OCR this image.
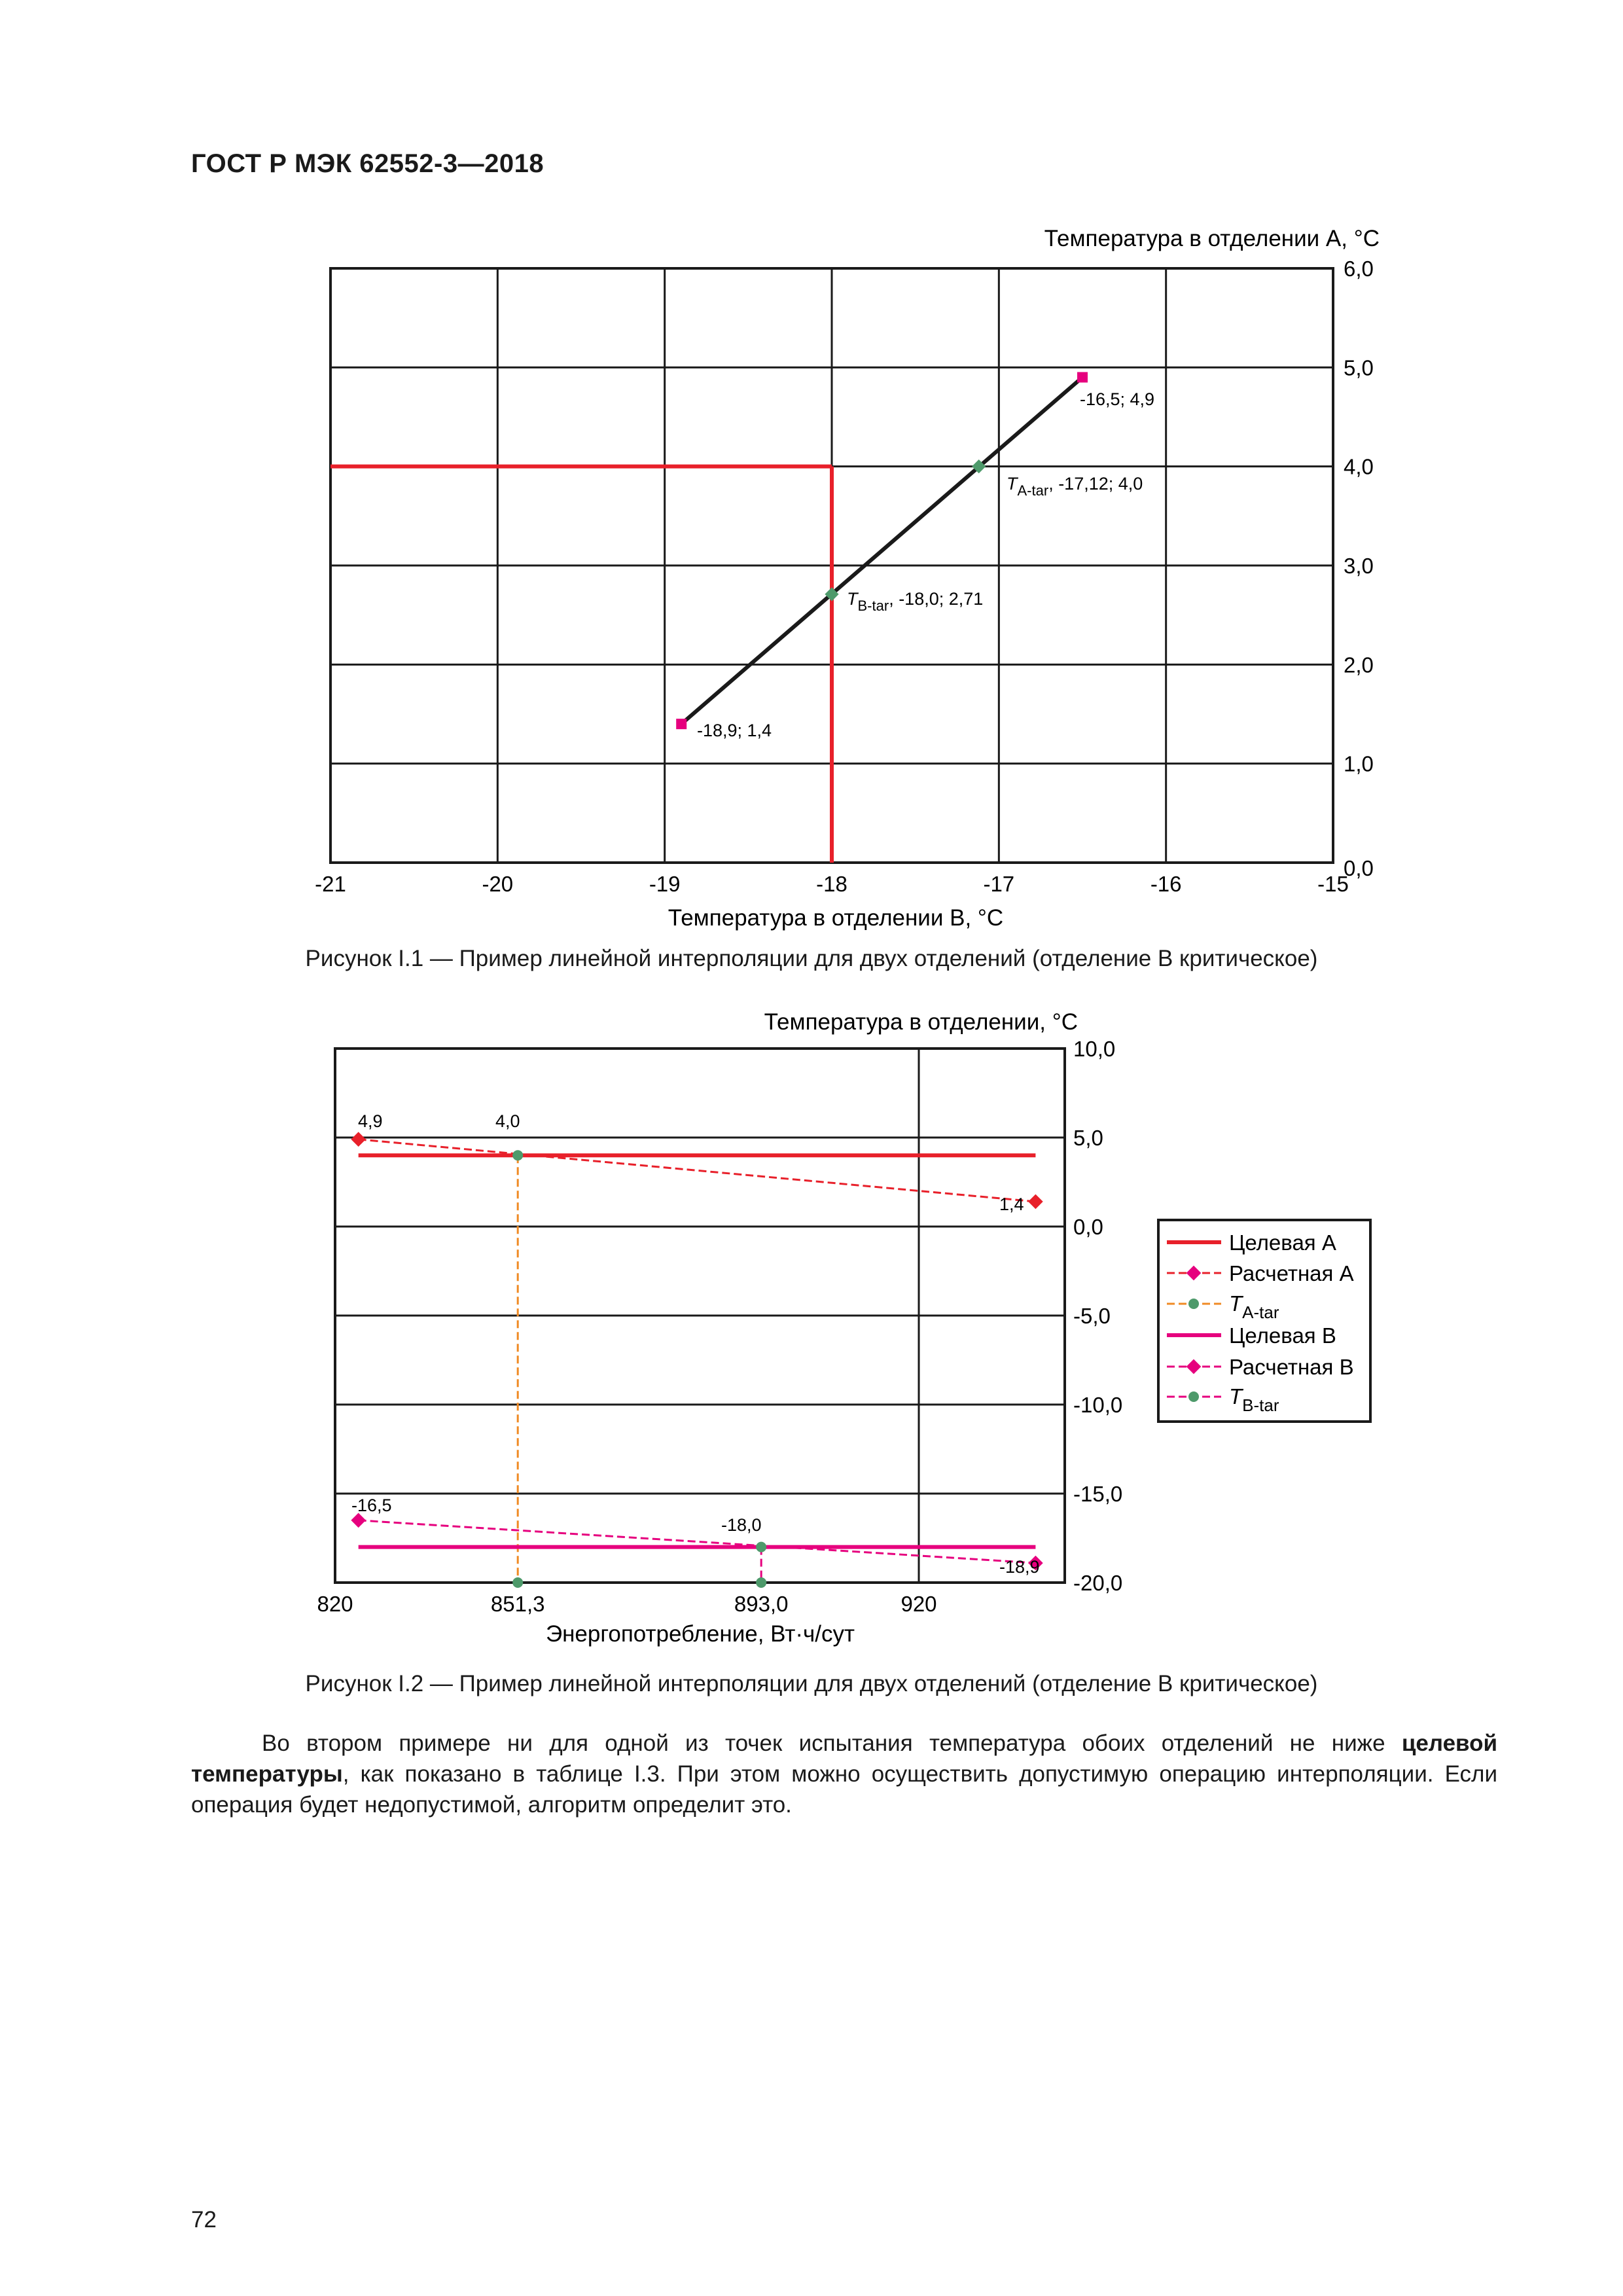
ГОСТ Р МЭК 62552-3—2018
Температура в отделении A, °С
-21	-20	-19	-18	-17	-16	-15
0,0
1,0
2,0
3,0
4,0
5,0
6,0
Температура в отделении B, °С
-16,5; 4,9
-18,9; 1,4
$T_{A-tar}$, -17,12; 4,0
$T_{B-tar}$, -18,0; 2,71
Температура в отделении, °С
820	851,3	893,0	920
-20,0
-15,0
-10,0
-5,0
0,0
5,0
10,0
Энергопотребление, Вт·ч/сут
4,9	4,0
1,4
-16,5
-18,0
-18,9
Целевая A
Расчетная A
$T_{A-tar}$
Целевая B
Расчетная B
$T_{B-tar}$
Рисунок I.1 — Пример линейной интерполяции для двух отделений (отделение B критическое)
Рисунок I.2 — Пример линейной интерполяции для двух отделений (отделение B критическое)

Во втором примере ни для одной из точек испытания температура обоих отделений не ниже целевой температуры, как показано в таблице I.3. При этом можно осуществить допустимую операцию интерполяции. Если операция будет недопустимой, алгоритм определит это.

72
